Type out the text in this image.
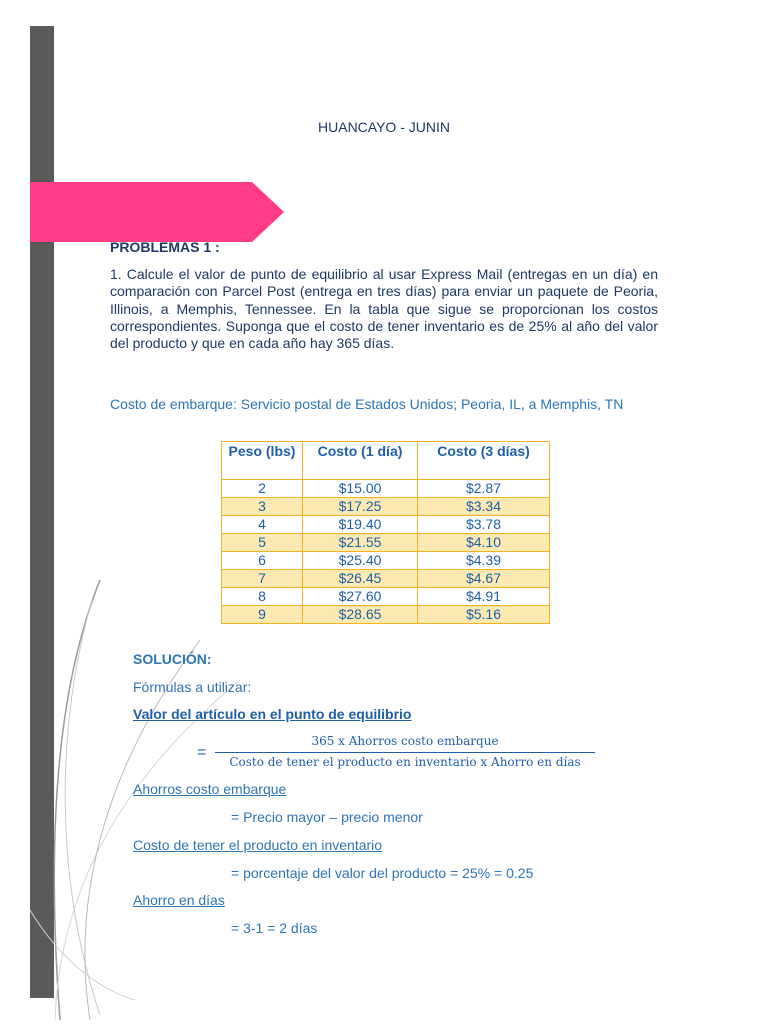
HUANCAYO - JUNIN
PROBLEMAS 1 :
1. Calcule el valor de punto de equilibrio al usar Express Mail (entregas en un día) en comparación con Parcel Post (entrega en tres días) para enviar un paquete de Peoria, Illinois, a Memphis, Tennessee. En la tabla que sigue se proporcionan los costos correspondientes. Suponga que el costo de tener inventario es de 25% al año del valor del producto y que en cada año hay 365 días.
Costo de embarque: Servicio postal de Estados Unidos; Peoria, IL, a Memphis, TN
Peso (lbs)	Costo (1 día)	Costo (3 días)
2	$15.00	$2.87
3	$17.25	$3.34
4	$19.40	$3.78
5	$21.55	$4.10
6	$25.40	$4.39
7	$26.45	$4.67
8	$27.60	$4.91
9	$28.65	$5.16
SOLUCIÓN:
Fórmulas a utilizar:
Valor del artículo en el punto de equilibrio
=
365 x Ahorros costo embarque
Costo de tener el producto en inventario x Ahorro en días
Ahorros costo embarque
= Precio mayor – precio menor
Costo de tener el producto en inventario
= porcentaje del valor del producto = 25% = 0.25
Ahorro en días
= 3-1 = 2 días
